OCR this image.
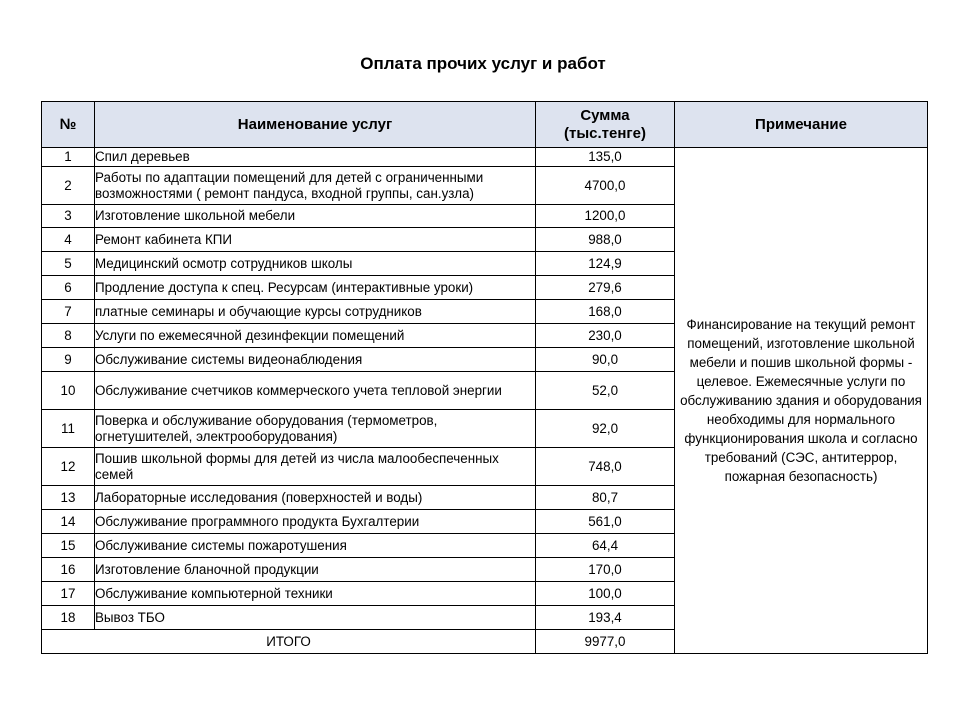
Оплата прочих услуг и работ
№	Наименование услуг	Сумма (тыс.тенге)	Примечание
1	Спил деревьев	135,0	Финансирование на текущий ремонт помещений, изготовление школьной мебели и пошив школьной формы - целевое. Ежемесячные услуги по обслуживанию здания и оборудования необходимы для нормального функционирования школа и согласно требований (СЭС, антитеррор, пожарная безопасность)
2	Работы по адаптации помещений для детей с ограниченными возможностями ( ремонт пандуса, входной группы, сан.узла)	4700,0	
3	Изготовление школьной мебели	1200,0	
4	Ремонт кабинета КПИ	988,0	
5	Медицинский осмотр сотрудников школы	124,9	
6	Продление доступа к спец. Ресурсам (интерактивные уроки)	279,6	
7	платные семинары и обучающие курсы сотрудников	168,0	
8	Услуги по ежемесячной дезинфекции помещений	230,0	
9	Обслуживание системы видеонаблюдения	90,0	
10	Обслуживание счетчиков коммерческого учета тепловой энергии	52,0	
11	Поверка и обслуживание оборудования (термометров, огнетушителей, электрооборудования)	92,0	
12	Пошив школьной формы для детей из числа малообеспеченных семей	748,0	
13	Лабораторные исследования (поверхностей и воды)	80,7	
14	Обслуживание программного продукта Бухгалтерии	561,0	
15	Обслуживание системы пожаротушения	64,4	
16	Изготовление бланочной продукции	170,0	
17	Обслуживание компьютерной техники	100,0	
18	Вывоз ТБО	193,4	
ИТОГО		9977,0	
